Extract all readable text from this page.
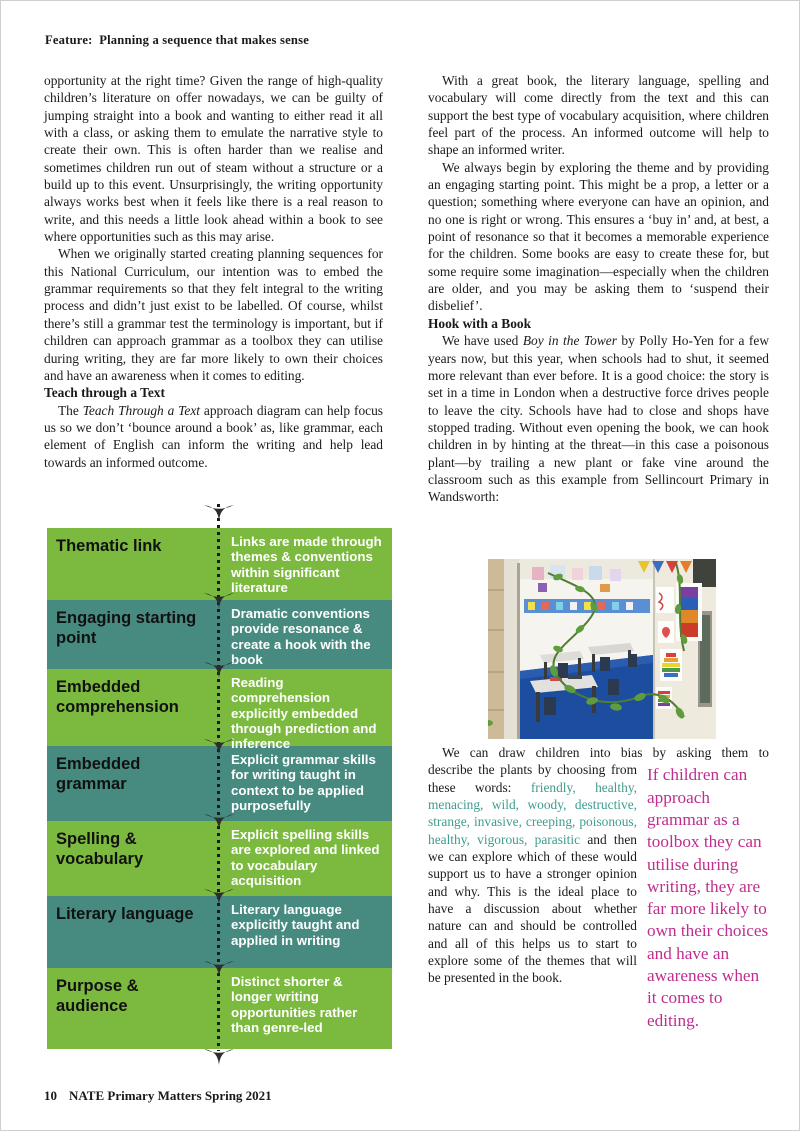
Feature:  Planning a sequence that makes sense

opportunity at the right time? Given the range of high-quality children’s literature on offer nowadays, we can be guilty of jumping straight into a book and wanting to either read it all with a class, or asking them to emulate the narrative style to create their own. This is often harder than we realise and sometimes children run out of steam without a structure or a build up to this event. Unsurprisingly, the writing opportunity always works best when it feels like there is a real reason to write, and this needs a little look ahead within a book to see where opportunities such as this may arise.

When we originally started creating planning sequences for this National Curriculum, our intention was to embed the grammar requirements so that they felt integral to the writing process and didn’t just exist to be labelled. Of course, whilst there’s still a grammar test the terminology is important, but if children can approach grammar as a toolbox they can utilise during writing, they are far more likely to own their choices and have an awareness when it comes to editing.

Teach through a Text

The Teach Through a Text approach diagram can help focus us so we don’t ‘bounce around a book’ as, like grammar, each element of English can inform the writing and help lead towards an informed outcome.

Thematic link	Links are made through themes & conventions within significant literature
Engaging starting point
Dramatic conventions provide resonance & create a hook with the book
Embedded comprehension
Reading comprehension explicitly embedded through prediction and inference
Embedded grammar
Explicit grammar skills for writing taught in context to be applied purposefully
Spelling & vocabulary
Explicit spelling skills are explored and linked to vocabulary acquisition
Literary language	Literary language explicitly taught and applied in writing
Purpose & audience
Distinct shorter & longer writing opportunities rather than genre-led

With a great book, the literary language, spelling and vocabulary will come directly from the text and this can support the best type of vocabulary acquisition, where children feel part of the process. An informed outcome will help to shape an informed writer.

We always begin by exploring the theme and by providing an engaging starting point. This might be a prop, a letter or a question; something where everyone can have an opinion, and no one is right or wrong. This ensures a ‘buy in’ and, at best, a point of resonance so that it becomes a memorable experience for the children. Some books are easy to create these for, but some require some imagination—especially when the children are older, and you may be asking them to ‘suspend their disbelief’.

Hook with a Book

We have used Boy in the Tower by Polly Ho-Yen for a few years now, but this year, when schools had to shut, it seemed more relevant than ever before. It is a good choice: the story is set in a time in London when a destructive force drives people to leave the city. Schools have had to close and shops have stopped trading. Without even opening the book, we can hook children in by hinting at the threat—in this case a poisonous plant—by trailing a new plant or fake vine around the classroom such as this example from Sellincourt Primary in Wandsworth:

We can draw children into bias by asking them to

If children can approach grammar as a toolbox they can utilise during writing, they are far more likely to own their choices and have an awareness when it comes to editing.

describe the plants by choosing from these words: friendly, healthy, menacing, wild, woody, destructive, strange, invasive, creeping, poisonous, healthy, vigorous, parasitic and then we can explore which of these would support us to have a stronger opinion and why. This is the ideal place to have a discussion about whether nature can and should be controlled and all of this helps us to start to explore some of the themes that will be presented in the book.

10 NATE Primary Matters Spring 2021
